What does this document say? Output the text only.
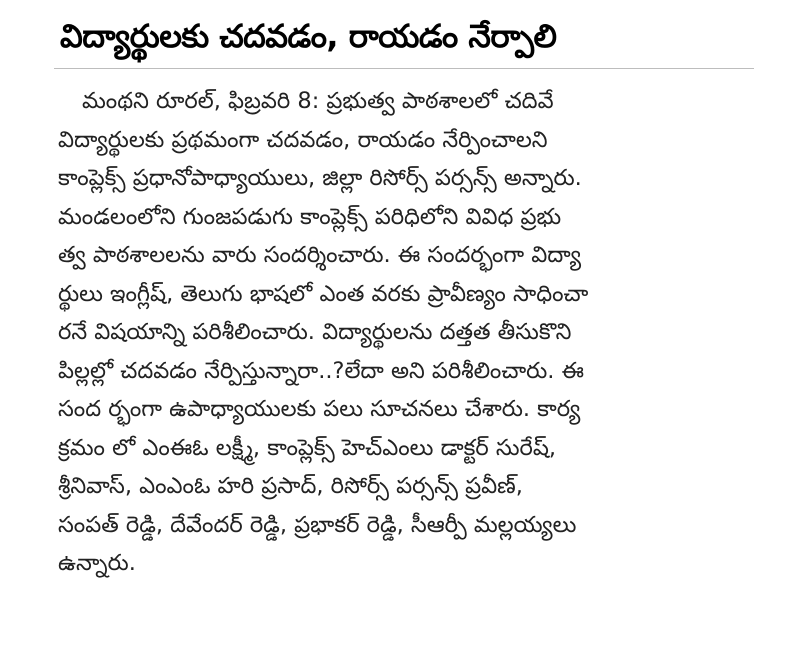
విద్యార్థులకు చదవడం, రాయడం నేర్పాలి
మంథని రూరల్‌, ఫిబ్రవరి 8: ప్రభుత్వ పాఠశాలలో చదివే
విద్యార్థులకు ప్రథమంగా చదవడం, రాయడం నేర్పించాలని
కాంప్లెక్స్‌ ప్రధానోపాధ్యాయులు, జిల్లా రిసోర్స్‌ పర్సన్స్‌ అన్నారు.
మండలంలోని గుంజపడుగు కాంప్లెక్స్‌ పరిధిలోని వివిధ ప్రభు
త్వ పాఠశాలలను వారు సందర్శించారు. ఈ సందర్భంగా విద్యా
ర్థులు ఇంగ్లీష్‌, తెలుగు భాషలో ఎంత వరకు ప్రావీణ్యం సాధించా
రనే విషయాన్ని పరిశీలించారు. విద్యార్థులను దత్తత తీసుకొని
పిల్లల్లో చదవడం నేర్పిస్తున్నారా..?లేదా అని పరిశీలించారు. ఈ
సంద ర్భంగా ఉపాధ్యాయులకు పలు సూచనలు చేశారు. కార్య
క్రమం లో ఎంఈఓ లక్ష్మీ, కాంప్లెక్స్‌ హెచ్‌ఎంలు డాక్టర్‌ సురేష్‌,
శ్రీనివాస్‌, ఎంఎంఓ హరి ప్రసాద్‌, రిసోర్స్‌ పర్సన్స్‌ ప్రవీణ్‌,
సంపత్‌ రెడ్డి, దేవేందర్‌ రెడ్డి, ప్రభాకర్‌ రెడ్డి, సీఆర్పీ మల్లయ్యలు
ఉన్నారు.
